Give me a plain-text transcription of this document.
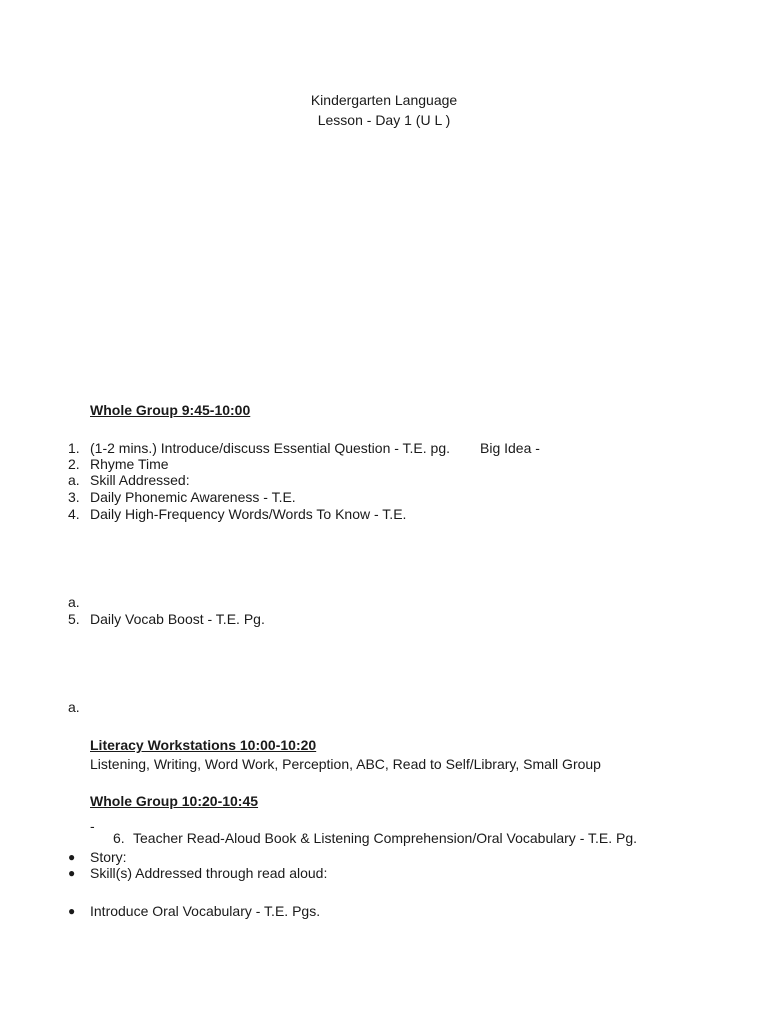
Kindergarten Language
Lesson - Day 1 (U L )
Whole Group 9:45-10:00
1. (1-2 mins.) Introduce/discuss Essential Question - T.E. pg. Big Idea -
2. Rhyme Time
a. Skill Addressed:
3. Daily Phonemic Awareness - T.E.
4. Daily High-Frequency Words/Words To Know - T.E.
a.
5. Daily Vocab Boost - T.E. Pg.
a.
Literacy Workstations 10:00-10:20
Listening, Writing, Word Work, Perception, ABC, Read to Self/Library, Small Group
Whole Group 10:20-10:45
-
6. Teacher Read-Aloud Book & Listening Comprehension/Oral Vocabulary - T.E. Pg.
● Story:
● Skill(s) Addressed through read aloud:
● Introduce Oral Vocabulary - T.E. Pgs.
